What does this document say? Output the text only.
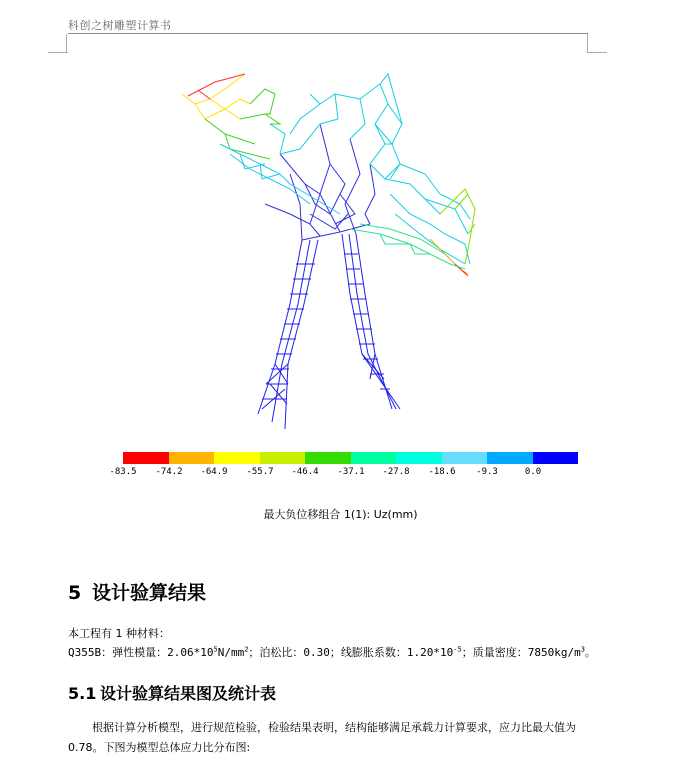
科创之树雕塑计算书
-83.5 -74.2 -64.9 -55.7 -46.4 -37.1 -27.8 -18.6 -9.3	0.0
最大负位移组合 1(1): Uz(mm)
5 设计验算结果
本工程有 1 种材料：
Q355B：弹性模量：$2.06*10^5N/mm^2$；泊松比：0.30；线膨胀系数：$1.20*10^{-5}$；质量密度：$7850kg/m^3$。
5.1 设计验算结果图及统计表
根据计算分析模型，进行规范检验，检验结果表明，结构能够满足承载力计算要求，应力比最大值为0.78。下图为模型总体应力比分布图:
